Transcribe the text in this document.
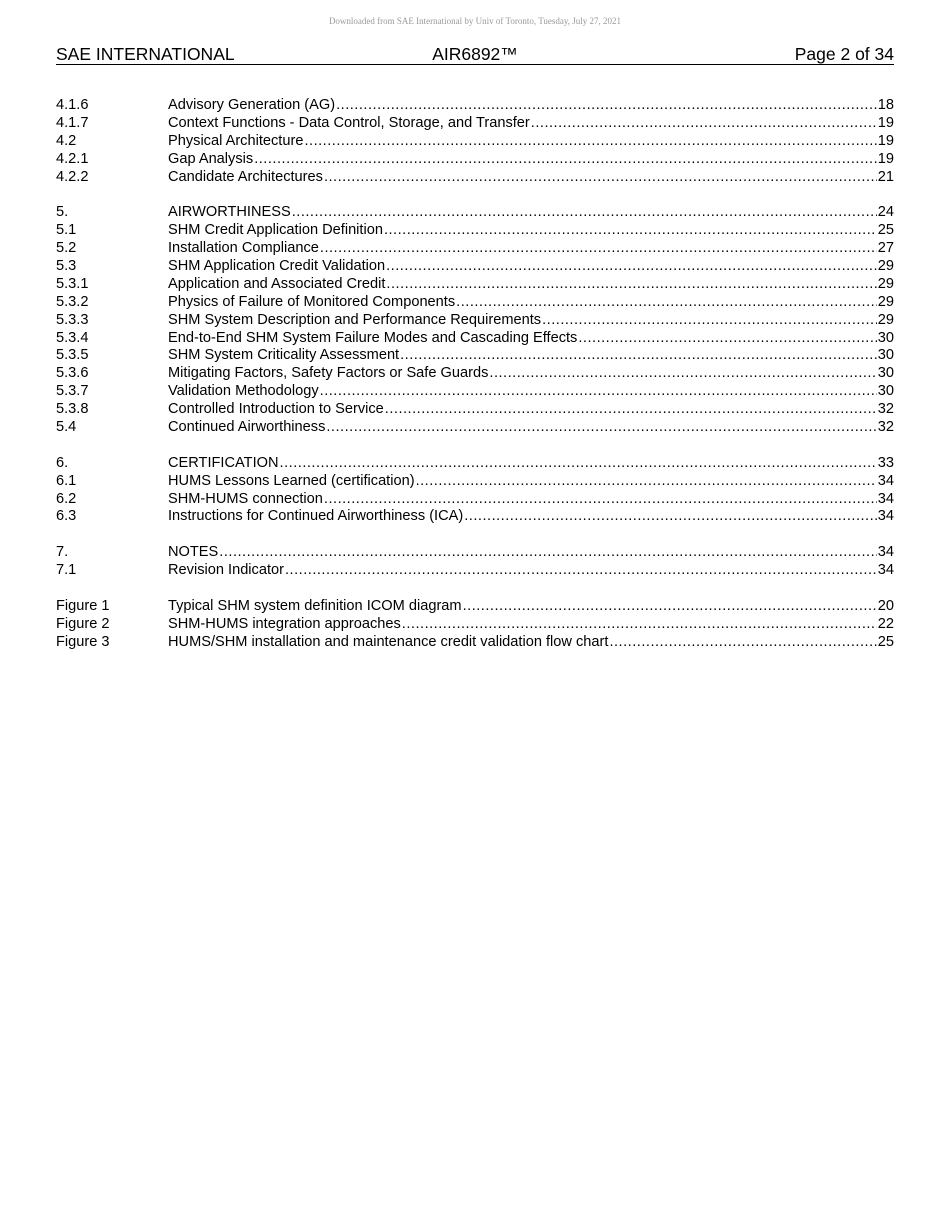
Downloaded from SAE International by Univ of Toronto, Tuesday, July 27, 2021
SAE INTERNATIONAL	AIR6892™	Page 2 of 34
4.1.6	Advisory Generation (AG) .....	18
4.1.7	Context Functions - Data Control, Storage, and Transfer .....	19
4.2	Physical Architecture .....	19
4.2.1	Gap Analysis .....	19
4.2.2	Candidate Architectures .....	21
5.	AIRWORTHINESS .....	24
5.1	SHM Credit Application Definition .....	25
5.2	Installation Compliance .....	27
5.3	SHM Application Credit Validation .....	29
5.3.1	Application and Associated Credit .....	29
5.3.2	Physics of Failure of Monitored Components .....	29
5.3.3	SHM System Description and Performance Requirements .....	29
5.3.4	End-to-End SHM System Failure Modes and Cascading Effects .....	30
5.3.5	SHM System Criticality Assessment .....	30
5.3.6	Mitigating Factors, Safety Factors or Safe Guards .....	30
5.3.7	Validation Methodology .....	30
5.3.8	Controlled Introduction to Service .....	32
5.4	Continued Airworthiness .....	32
6.	CERTIFICATION .....	33
6.1	HUMS Lessons Learned (certification) .....	34
6.2	SHM-HUMS connection .....	34
6.3	Instructions for Continued Airworthiness (ICA) .....	34
7.	NOTES .....	34
7.1	Revision Indicator .....	34
Figure 1	Typical SHM system definition ICOM diagram .....	20
Figure 2	SHM-HUMS integration approaches .....	22
Figure 3	HUMS/SHM installation and maintenance credit validation flow chart .....	25
